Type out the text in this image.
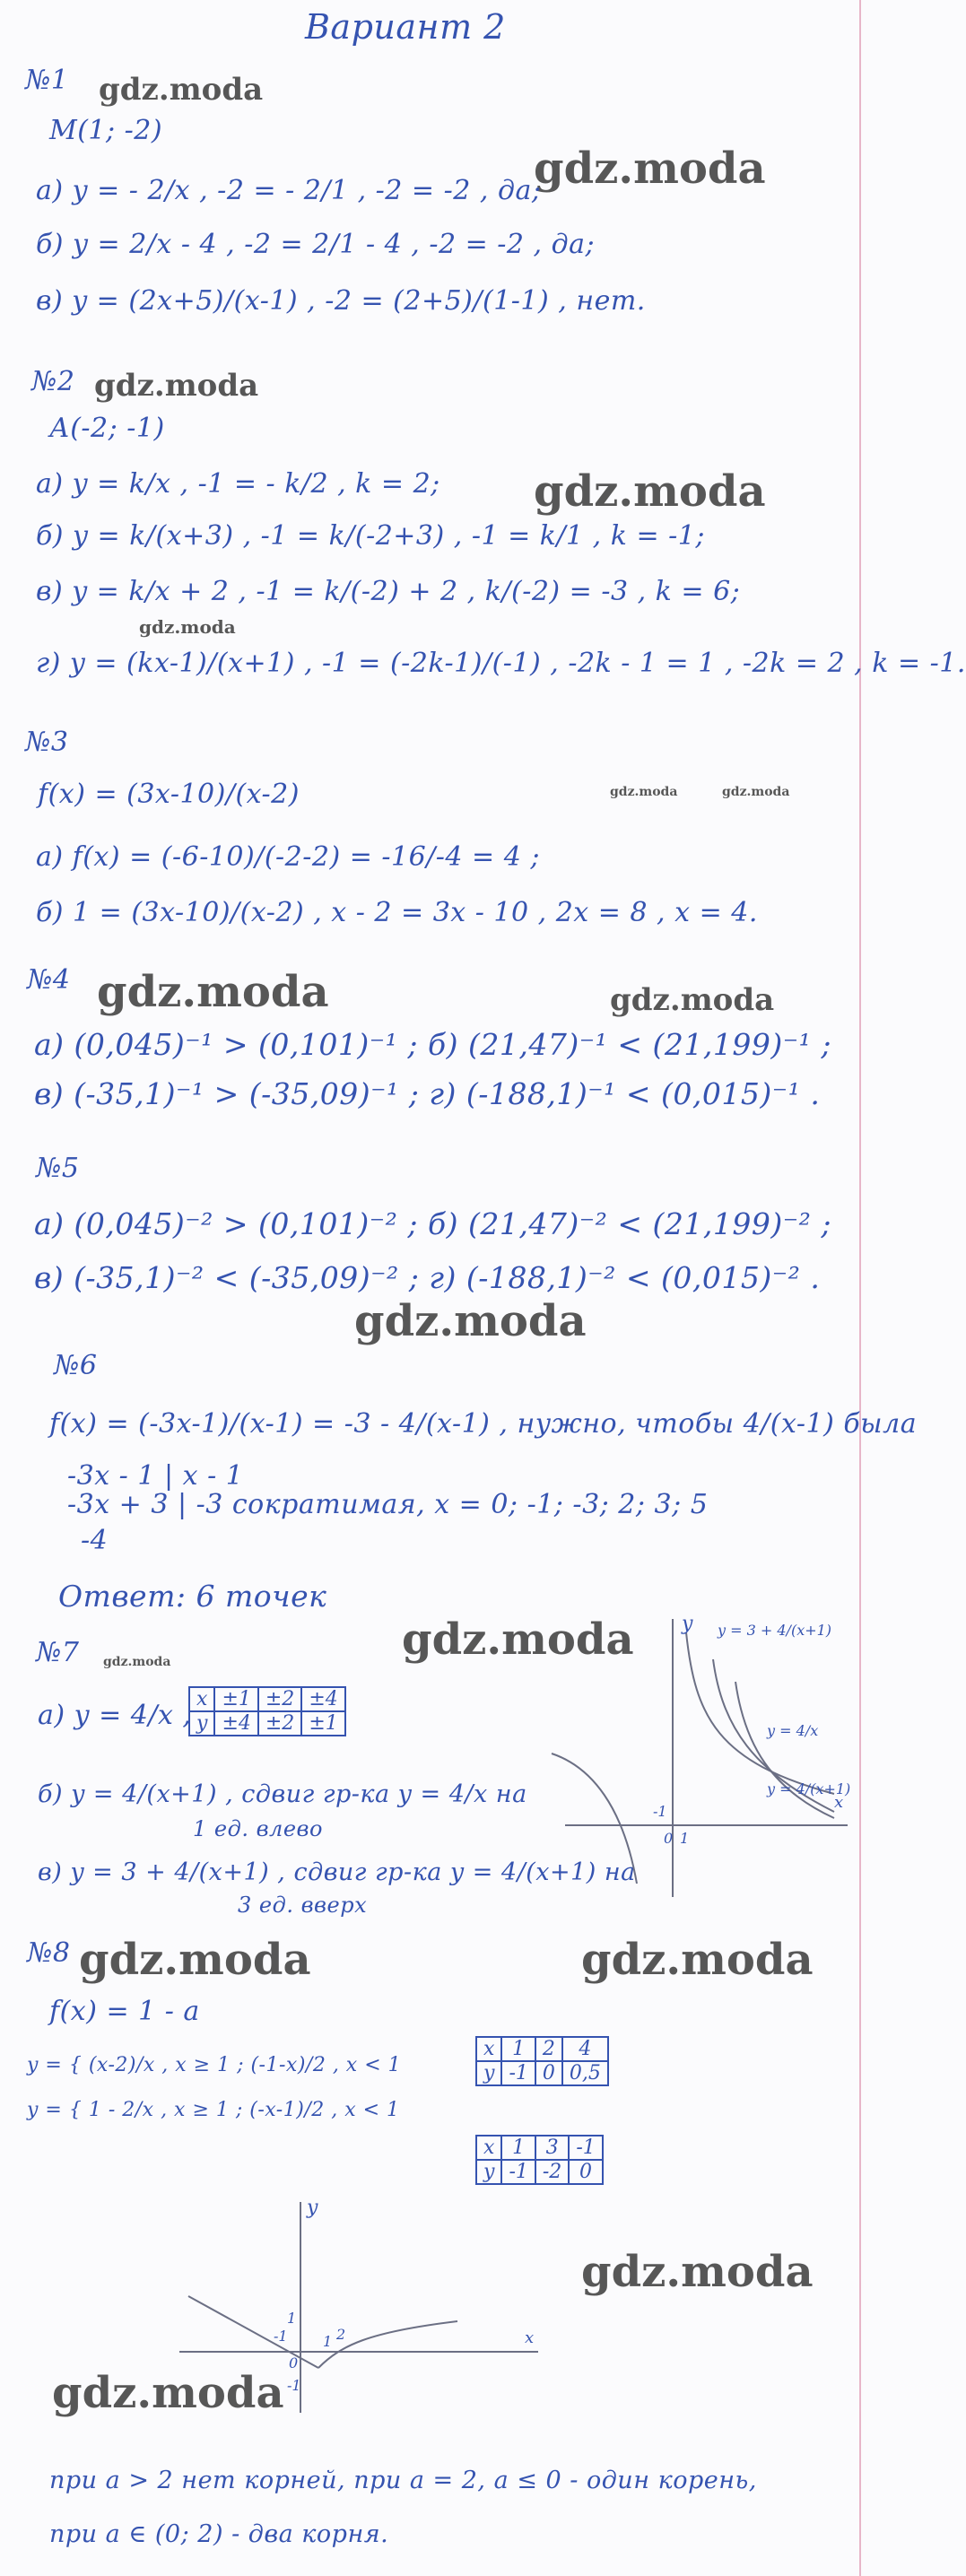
Вариант 2
gdz.moda
gdz.moda
gdz.moda
gdz.moda
gdz.moda
gdz.moda	gdz.moda
gdz.moda	gdz.moda
gdz.moda
gdz.moda
gdz.moda
gdz.moda	gdz.moda
gdz.moda
gdz.moda
№1
М(1; -2)
а) y = - 2/x , -2 = - 2/1 , -2 = -2 , да;
б) y = 2/x - 4 , -2 = 2/1 - 4 , -2 = -2 , да;
в) y = (2x+5)/(x-1) , -2 = (2+5)/(1-1) , нет.
№2
А(-2; -1)
а) y = k/x , -1 = - k/2 , k = 2;
б) y = k/(x+3) , -1 = k/(-2+3) , -1 = k/1 , k = -1;
в) y = k/x + 2 , -1 = k/(-2) + 2 , k/(-2) = -3 , k = 6;
г) y = (kx-1)/(x+1) , -1 = (-2k-1)/(-1) , -2k - 1 = 1 , -2k = 2 , k = -1.
№3
f(x) = (3x-10)/(x-2)
а) f(x) = (-6-10)/(-2-2) = -16/-4 = 4 ;
б) 1 = (3x-10)/(x-2) , x - 2 = 3x - 10 , 2x = 8 , x = 4.
№4
а) (0,045)⁻¹ > (0,101)⁻¹ ; б) (21,47)⁻¹ < (21,199)⁻¹ ;
в) (-35,1)⁻¹ > (-35,09)⁻¹ ; г) (-188,1)⁻¹ < (0,015)⁻¹ .
№5
а) (0,045)⁻² > (0,101)⁻² ; б) (21,47)⁻² < (21,199)⁻² ;
в) (-35,1)⁻² < (-35,09)⁻² ; г) (-188,1)⁻² < (0,015)⁻² .
№6
f(x) = (-3x-1)/(x-1) = -3 - 4/(x-1) , нужно, чтобы 4/(x-1) была
-3x - 1 | x - 1
-3x + 3 | -3 сократимая, x = 0; -1; -3; 2; 3; 5
-4
Ответ: 6 точек
№7
а) y = 4/x ,
x	±1	±2	±4
y	±4	±2	±1
б) y = 4/(x+1) , сдвиг гр-ка y = 4/x на
1 ед. влево
в) y = 3 + 4/(x+1) , сдвиг гр-ка y = 4/(x+1) на
3 ед. вверх
y y = 3 + 4/(x+1)
y = 4/x
y = 4/(x+1)
x
-1
1
0
№8
f(x) = 1 - a
y = { (x-2)/x , x ≥ 1 ; (-1-x)/2 , x < 1
y = { 1 - 2/x , x ≥ 1 ; (-x-1)/2 , x < 1
x	1	2	4
y	-1	0	0,5
x	1	3	-1
y	-1	-2	0
y
1
-1
0
1 2
-1
x
при a > 2 нет корней, при a = 2, a ≤ 0 - один корень,
при a ∈ (0; 2) - два корня.
